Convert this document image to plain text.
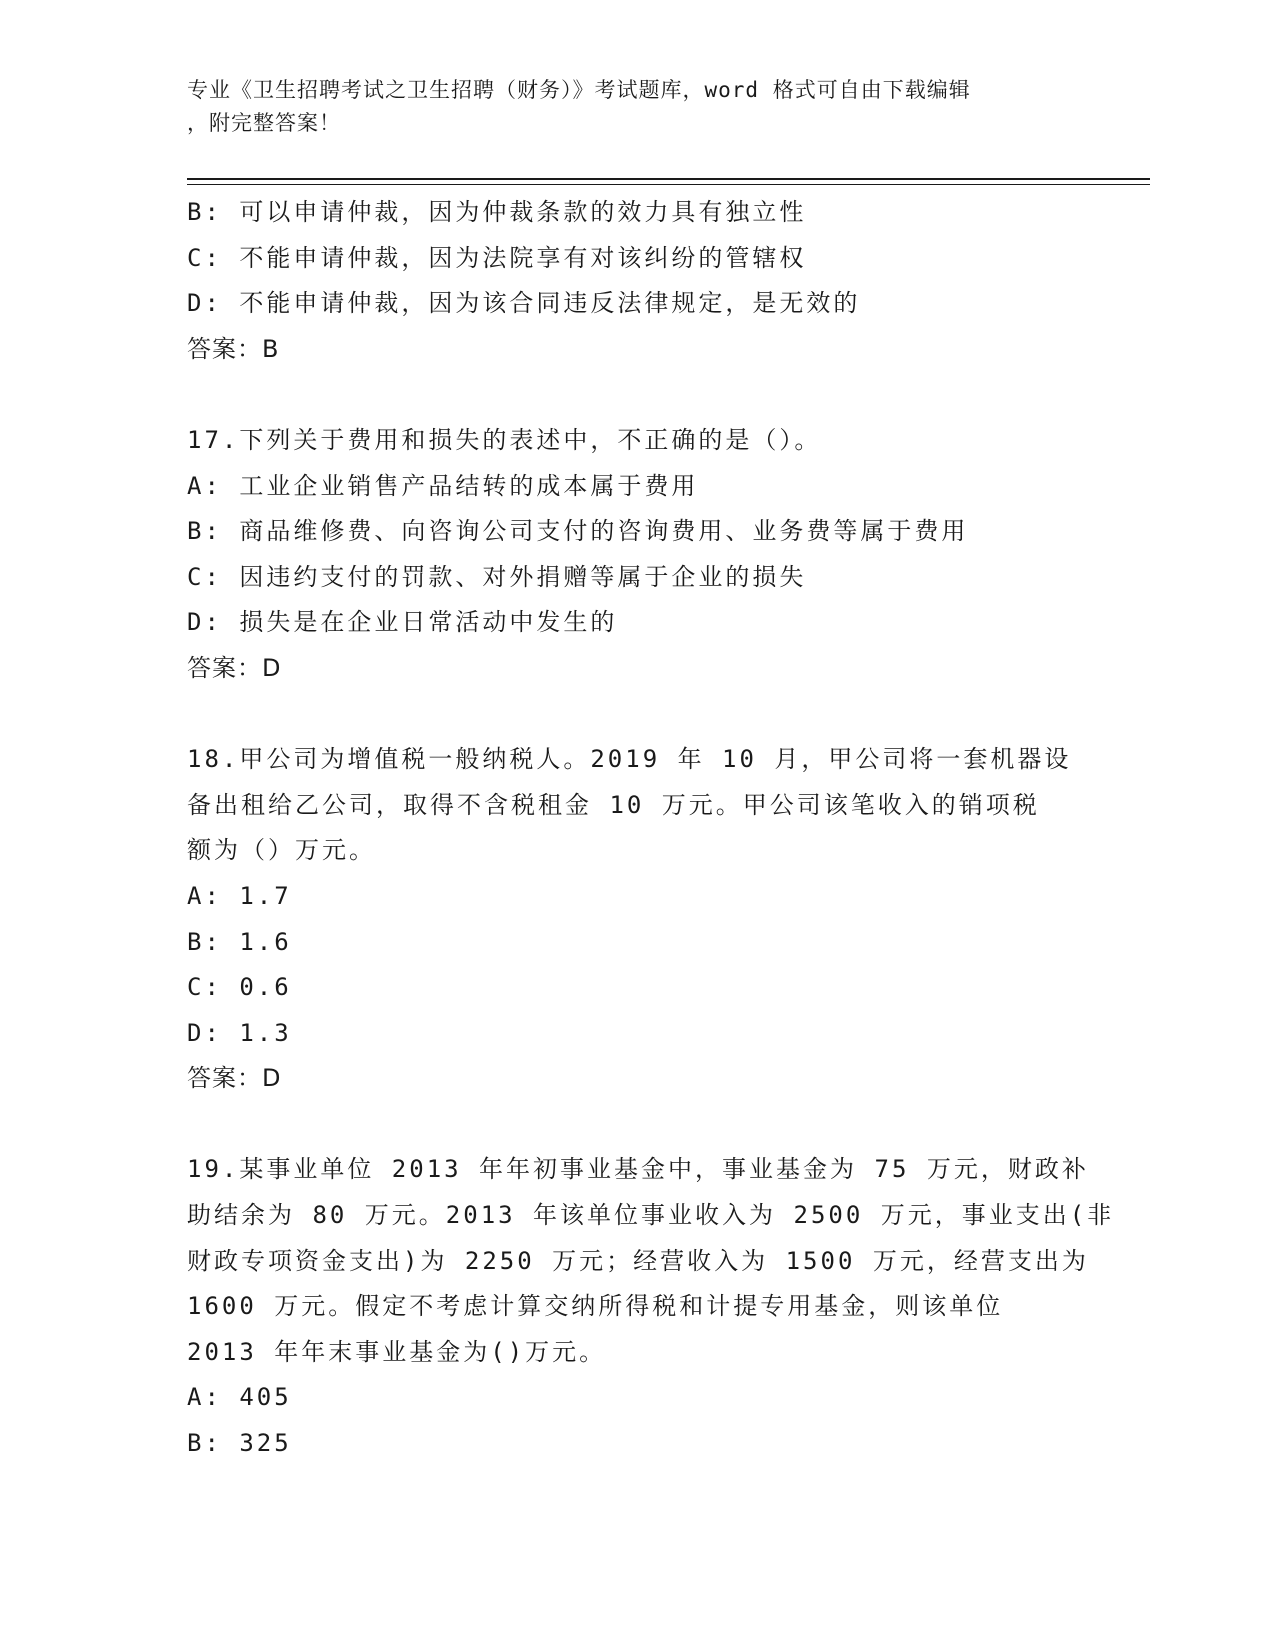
专业《卫生招聘考试之卫生招聘（财务）》考试题库，word 格式可自由下载编辑
，附完整答案！
B: 可以申请仲裁，因为仲裁条款的效力具有独立性
C: 不能申请仲裁，因为法院享有对该纠纷的管辖权
D: 不能申请仲裁，因为该合同违反法律规定，是无效的
答案：B
17.下列关于费用和损失的表述中，不正确的是（）。
A: 工业企业销售产品结转的成本属于费用
B: 商品维修费、向咨询公司支付的咨询费用、业务费等属于费用
C: 因违约支付的罚款、对外捐赠等属于企业的损失
D: 损失是在企业日常活动中发生的
答案：D
18.甲公司为增值税一般纳税人。2019 年 10 月，甲公司将一套机器设
备出租给乙公司，取得不含税租金 10 万元。甲公司该笔收入的销项税
额为（）万元。
A: 1.7
B: 1.6
C: 0.6
D: 1.3
答案：D
19.某事业单位 2013 年年初事业基金中，事业基金为 75 万元，财政补
助结余为 80 万元。2013 年该单位事业收入为 2500 万元，事业支出(非
财政专项资金支出)为 2250 万元；经营收入为 1500 万元，经营支出为
1600 万元。假定不考虑计算交纳所得税和计提专用基金，则该单位
2013 年年末事业基金为()万元。
A: 405
B: 325
